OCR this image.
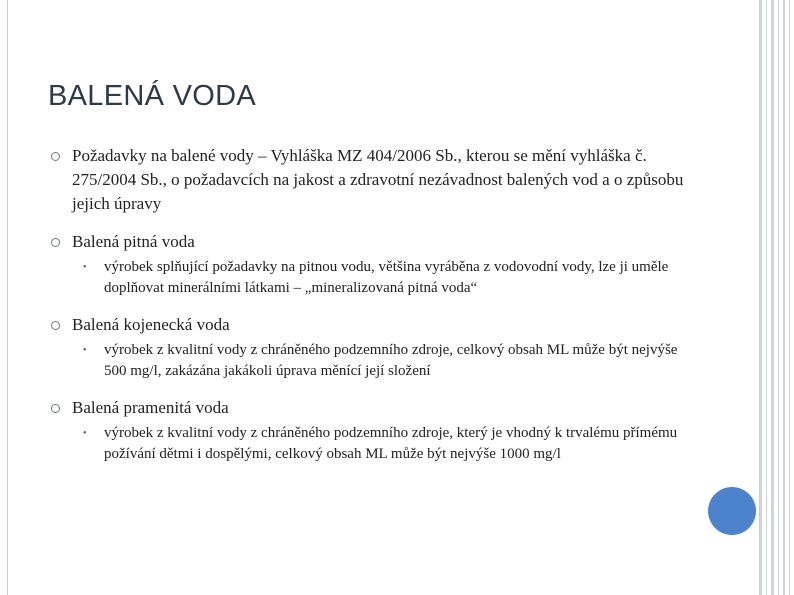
BALENÁ VODA
Požadavky na balené vody – Vyhláška MZ 404/2006 Sb., kterou se mění vyhláška č. 275/2004 Sb., o požadavcích na jakost a zdravotní nezávadnost balených vod a o způsobu jejich úpravy
Balená pitná voda
• výrobek splňující požadavky na pitnou vodu, většina vyráběna z vodovodní vody, lze ji uměle doplňovat minerálními látkami – „mineralizovaná pitná voda“
Balená kojenecká voda
• výrobek z kvalitní vody z chráněného podzemního zdroje, celkový obsah ML může být nejvýše 500 mg/l, zakázána jakákoli úprava měnící její složení
Balená pramenitá voda
• výrobek z kvalitní vody z chráněného podzemního zdroje, který je vhodný k trvalému přímému požívání dětmi i dospělými, celkový obsah ML může být nejvýše 1000 mg/l
